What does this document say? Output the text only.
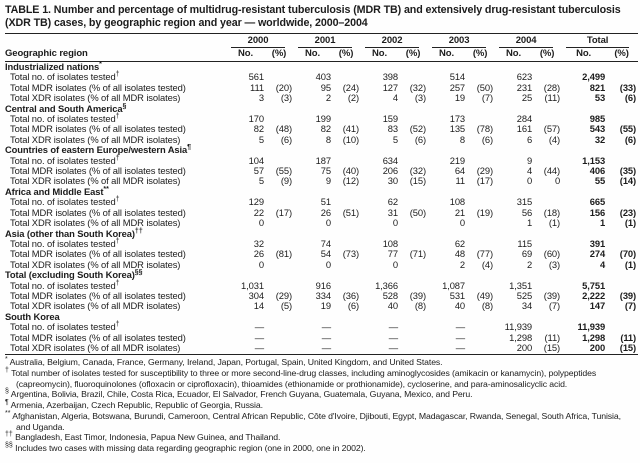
TABLE 1. Number and percentage of multidrug-resistant tuberculosis (MDR TB) and extensively drug-resistant tuberculosis (XDR TB) cases, by geographic region and year — worldwide, 2000–2004
Geographic region	2000		2001		2002		2003		2004		Total	

	No.	(%)	No.	(%)	No.	(%)	No.	(%)	No.	(%)	No.	(%)
Industrialized nations*
Total no. of isolates tested†	561		403		398		514		623		2,499	
Total MDR isolates (% of all isolates tested)	111	(20)	95	(24)	127	(32)	257	(50)	231	(28)	821	(33)
Total XDR isolates (% of all MDR isolates)	3	(3)	2	(2)	4	(3)	19	(7)	25	(11)	53	(6)
Central and South America§
Total no. of isolates tested†	170		199		159		173		284		985	
Total MDR isolates (% of all isolates tested)	82	(48)	82	(41)	83	(52)	135	(78)	161	(57)	543	(55)
Total XDR isolates (% of all MDR isolates)	5	(6)	8	(10)	5	(6)	8	(6)	6	(4)	32	(6)
Countries of eastern Europe/western Asia¶
Total no. of isolates tested†	104		187		634		219		9		1,153	
Total MDR isolates (% of all isolates tested)	57	(55)	75	(40)	206	(32)	64	(29)	4	(44)	406	(35)
Total XDR isolates (% of all MDR isolates)	5	(9)	9	(12)	30	(15)	11	(17)	0	0	55	(14)
Africa and Middle East**
Total no. of isolates tested†	129		51		62		108		315		665	
Total MDR isolates (% of all isolates tested)	22	(17)	26	(51)	31	(50)	21	(19)	56	(18)	156	(23)
Total XDR isolates (% of all MDR isolates)	0		0		0		0		1	(1)	1	(1)
Asia (other than South Korea)††
Total no. of isolates tested†	32		74		108		62		115		391	
Total MDR isolates (% of all isolates tested)	26	(81)	54	(73)	77	(71)	48	(77)	69	(60)	274	(70)
Total XDR isolates (% of all MDR isolates)	0		0		0		2	(4)	2	(3)	4	(1)
Total (excluding South Korea)§§
Total no. of isolates tested†	1,031		916		1,366		1,087		1,351		5,751	
Total MDR isolates (% of all isolates tested)	304	(29)	334	(36)	528	(39)	531	(49)	525	(39)	2,222	(39)
Total XDR isolates (% of all MDR isolates)	14	(5)	19	(6)	40	(8)	40	(8)	34	(7)	147	(7)
South Korea												
Total no. of isolates tested†	—		—		—		—		11,939		11,939	
Total MDR isolates (% of all isolates tested)	—		—		—		—		1,298	(11)	1,298	(11)
Total XDR isolates (% of all MDR isolates)	—		—		—		—		200	(15)	200	(15)
* Australia, Belgium, Canada, France, Germany, Ireland, Japan, Portugal, Spain, United Kingdom, and United States.
† Total number of isolates tested for susceptibility to three or more second-line-drug classes, including aminoglycosides (amikacin or kanamycin), polypeptides (capreomycin), fluoroquinolones (ofloxacin or ciprofloxacin), thioamides (ethionamide or prothionamide), cycloserine, and para-aminosalicyclic acid.
§ Argentina, Bolivia, Brazil, Chile, Costa Rica, Ecuador, El Salvador, French Guyana, Guatemala, Guyana, Mexico, and Peru.
¶ Armenia, Azerbaijan, Czech Republic, Republic of Georgia, Russia.
** Afghanistan, Algeria, Botswana, Burundi, Cameroon, Central African Republic, Côte d'Ivoire, Djibouti, Egypt, Madagascar, Rwanda, Senegal, South Africa, Tunisia, and Uganda.
†† Bangladesh, East Timor, Indonesia, Papua New Guinea, and Thailand.
§§ Includes two cases with missing data regarding geographic region (one in 2000, one in 2002).
